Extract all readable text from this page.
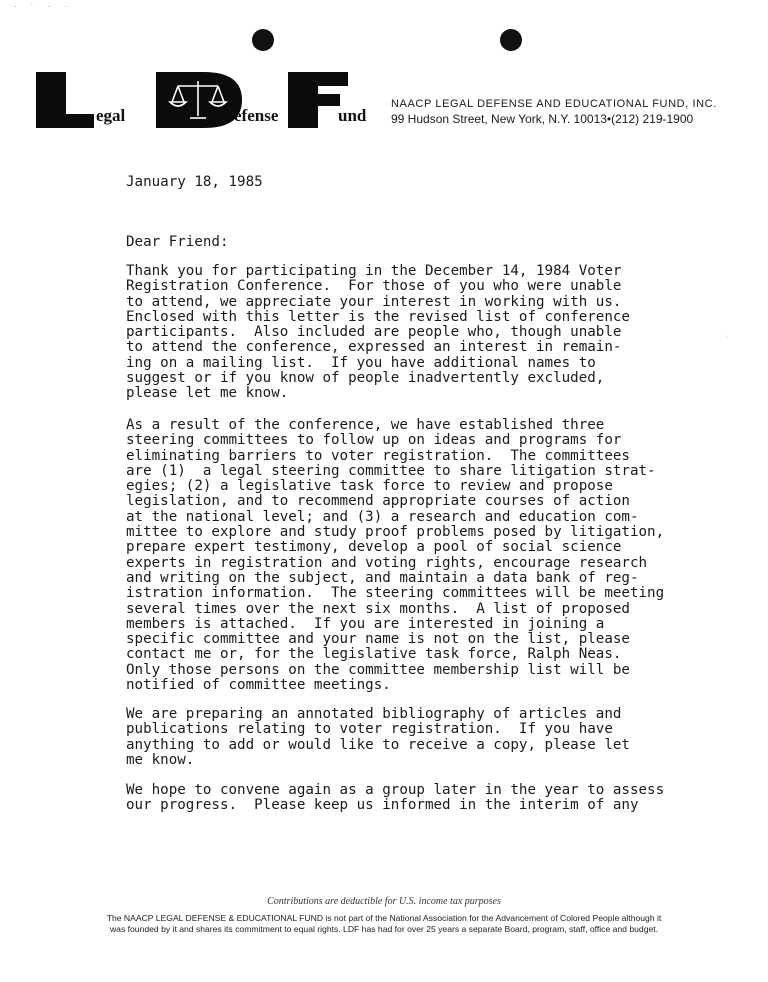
· ˙ · ·
egal	efense	und
NAACP LEGAL DEFENSE AND EDUCATIONAL FUND, INC.
99 Hudson Street, New York, N.Y. 10013•(212) 219-1900
January 18, 1985
Dear Friend:

Thank you for participating in the December 14, 1984 Voter
Registration Conference.  For those of you who were unable
to attend, we appreciate your interest in working with us.
Enclosed with this letter is the revised list of conference
participants.  Also included are people who, though unable
to attend the conference, expressed an interest in remain-
ing on a mailing list.  If you have additional names to
suggest or if you know of people inadvertently excluded,
please let me know.

As a result of the conference, we have established three
steering committees to follow up on ideas and programs for
eliminating barriers to voter registration.  The committees
are (1)  a legal steering committee to share litigation strat-
egies; (2) a legislative task force to review and propose
legislation, and to recommend appropriate courses of action
at the national level; and (3) a research and education com-
mittee to explore and study proof problems posed by litigation,
prepare expert testimony, develop a pool of social science
experts in registration and voting rights, encourage research
and writing on the subject, and maintain a data bank of reg-
istration information.  The steering committees will be meeting
several times over the next six months.  A list of proposed
members is attached.  If you are interested in joining a
specific committee and your name is not on the list, please
contact me or, for the legislative task force, Ralph Neas.
Only those persons on the committee membership list will be
notified of committee meetings.

We are preparing an annotated bibliography of articles and
publications relating to voter registration.  If you have
anything to add or would like to receive a copy, please let
me know.

We hope to convene again as a group later in the year to assess
our progress.  Please keep us informed in the interim of any

·
Contributions are deductible for U.S. income tax purposes
The NAACP LEGAL DEFENSE & EDUCATIONAL FUND is not part of the National Association for the Advancement of Colored People although it
was founded by it and shares its commitment to equal rights. LDF has had for over 25 years a separate Board, program, staff, office and budget.
